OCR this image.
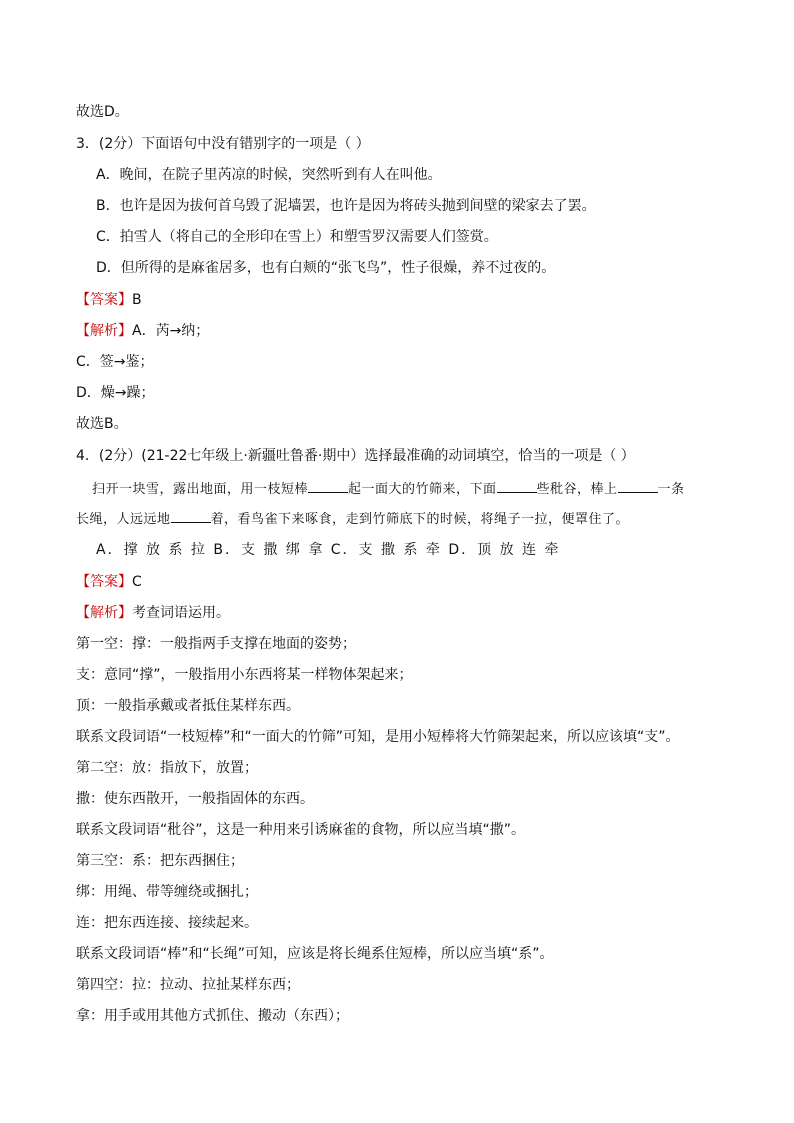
故选D。
3．(2分）下面语句中没有错别字的一项是（ ）
A．晚间，在院子里芮凉的时候，突然听到有人在叫他。
B．也许是因为拔何首乌毁了泥墙罢，也许是因为将砖头抛到间壁的梁家去了罢。
C．拍雪人（将自己的全形印在雪上）和塑雪罗汉需要人们签赏。
D．但所得的是麻雀居多，也有白颊的“张飞鸟”，性子很燥，养不过夜的。
【答案】B
【解析】A．芮→纳；
C．签→鉴；
D．燥→躁；
故选B。
4．(2分）(21-22七年级上·新疆吐鲁番·期中）选择最准确的动词填空，恰当的一项是（ ）
扫开一块雪，露出地面，用一枝短棒	起一面大的竹筛来，下面	些秕谷，棒上	一条
长绳，人远远地	着，看鸟雀下来啄食，走到竹筛底下的时候，将绳子一拉，便罩住了。
A．撑 放 系 拉 B．支 撒 绑 拿 C．支 撒 系 牵 D．顶 放 连 牵
【答案】C
【解析】考查词语运用。
第一空：撑：一般指两手支撑在地面的姿势；
支：意同“撑”，一般指用小东西将某一样物体架起来；
顶：一般指承戴或者抵住某样东西。
联系文段词语“一枝短棒”和“一面大的竹筛”可知，是用小短棒将大竹筛架起来，所以应该填“支”。
第二空：放：指放下，放置；
撒：使东西散开，一般指固体的东西。
联系文段词语“秕谷”，这是一种用来引诱麻雀的食物，所以应当填“撒”。
第三空：系：把东西捆住；
绑：用绳、带等缠绕或捆扎；
连：把东西连接、接续起来。
联系文段词语“棒”和“长绳”可知，应该是将长绳系住短棒，所以应当填“系”。
第四空：拉：拉动、拉扯某样东西；
拿：用手或用其他方式抓住、搬动（东西）；
